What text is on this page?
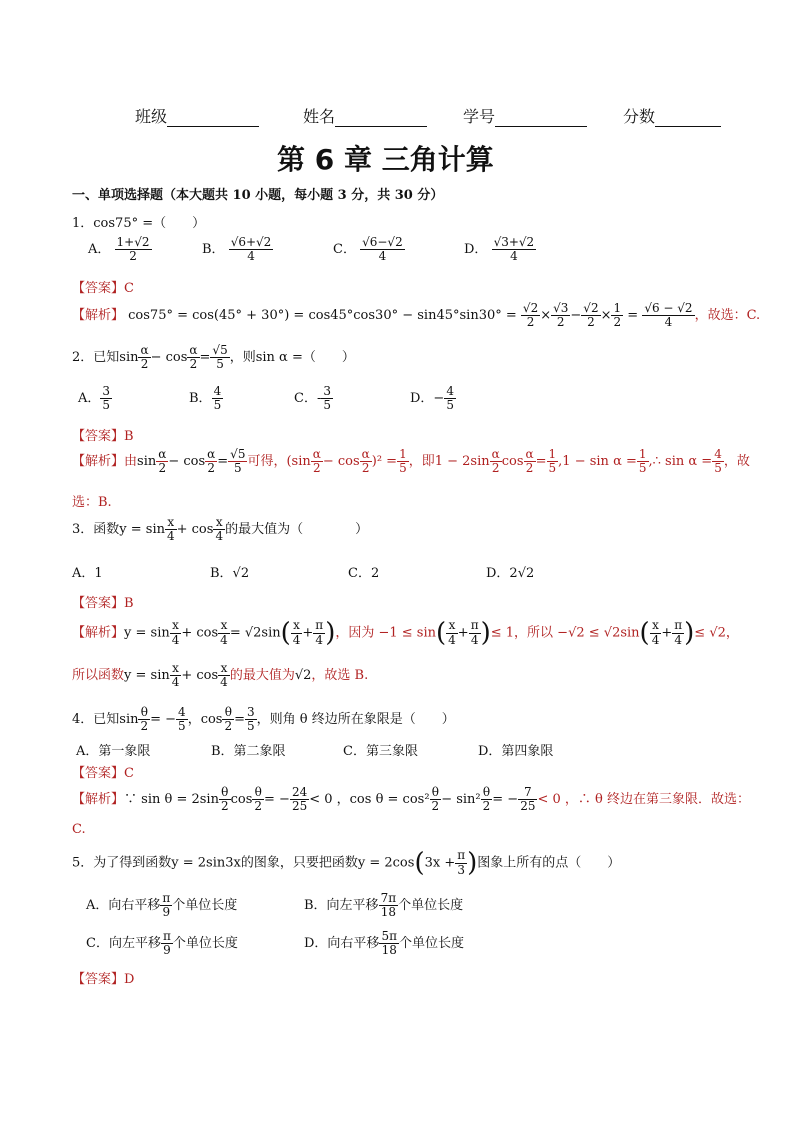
班级	姓名	学号	分数
第 6 章 三角计算
一、单项选择题（本大题共 10 小题，每小题 3 分，共 30 分）
1．cos75° =（　　）
A． $\frac{1+√2}{2}$	B． $\frac{√6+√2}{4}$	C． $\frac{√6-√2}{4}$	D． $\frac{√3+√2}{4}$
【答案】C
【解析】 $\cos 75^\circ = \cos(45^\circ + 30^\circ) = \cos 45^\circ\cos 30^\circ - \sin 45^\circ\sin 30^\circ = \frac{√2}{2} \times \frac{√3}{2} - \frac{√2}{2} \times \frac{1}{2} = \frac{√6 - √2}{4}$ ，故选：C.
2．已知$\sin \frac{\alpha}{2} - \cos \frac{\alpha}{2} = \frac{√5}{5}$ ，则sin α =（　　）
A． $\frac{3}{5}$	B． $\frac{4}{5}$	C．- $\frac{3}{5}$	D．− $\frac{4}{5}$
【答案】B
【解析】由$\sin \frac{\alpha}{2} - \cos \frac{\alpha}{2} = \frac{√5}{5}$ 可得，$(\sin \frac{\alpha}{2} - \cos \frac{\alpha}{2} )^2 = \frac{1}{5}$ ，即$1 - 2\sin \frac{\alpha}{2}$ $\cos \frac{\alpha}{2} = \frac{1}{5} ,1 - \sin \alpha = \frac{1}{5}$ ,∴ $\sin \alpha = \frac{4}{5}$ ，故
选：B.
3．函数$y = \sin \frac{x}{4} + \cos \frac{x}{4}$ 的最大值为（　　　　）
A．1	B．√2	C．2	D．2√2
【答案】B
【解析】$y = \sin \frac{x}{4} + \cos \frac{x}{4} = √2\sin( \frac{x}{4} + \frac{\pi}{4}$ )，因为 $-1 \le \sin( \frac{x}{4} + \frac{\pi}{4}$ )≤ 1，所以 $-√2 \le √2\sin( \frac{x}{4} + \frac{\pi}{4}$ )≤ √2，
所以函数$y = \sin \frac{x}{4} + \cos \frac{x}{4}$ 的最大值为√2，故选 B.
4．已知$\sin \frac{\theta}{2}$ = − $\frac{4}{5}$ ，$\cos \frac{\theta}{2} = \frac{3}{5}$ ，则角 θ 终边所在象限是（　　）
A．第一象限	B．第二象限	C．第三象限	D．第四象限
【答案】C
【解析】∵ $\sin \theta = 2\sin \frac{\theta}{2}$ $\cos \frac{\theta}{2}$ = − $\frac{24}{25} < 0$ ，$\cos \theta = \cos^2 \frac{\theta}{2} - \sin^2 \frac{\theta}{2}$ = − $\frac{7}{25} < 0$ ，∴ θ 终边在第三象限．故选：
C.
5．为了得到函数y = 2sin3x的图象，只要把函数$y = 2\cos(3x + \frac{\pi}{3}$ )图象上所有的点（　　）
A．向右平移 $\frac{\pi}{9}$ 个单位长度	B．向左平移 $\frac{7\pi}{18}$ 个单位长度
C．向左平移 $\frac{\pi}{9}$ 个单位长度	D．向右平移 $\frac{5\pi}{18}$ 个单位长度
【答案】D
